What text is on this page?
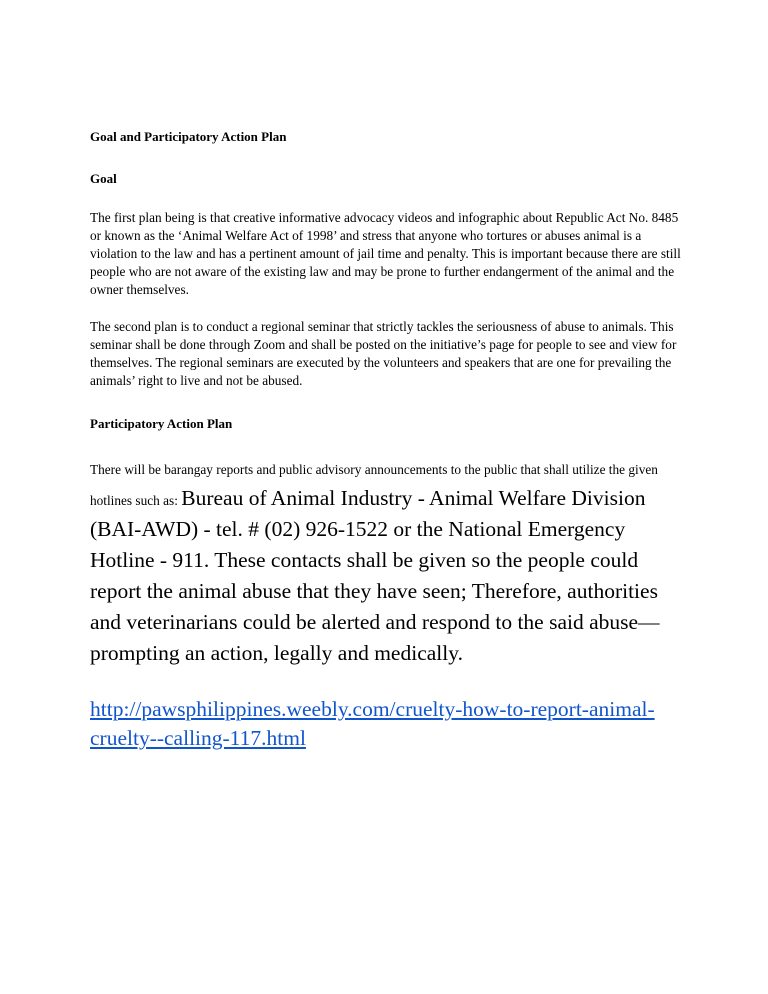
Goal and Participatory Action Plan
Goal

The first plan being is that creative informative advocacy videos and infographic about Republic Act No. 8485 or known as the ‘Animal Welfare Act of 1998’ and stress that anyone who tortures or abuses animal is a violation to the law and has a pertinent amount of jail time and penalty. This is important because there are still people who are not aware of the existing law and may be prone to further endangerment of the animal and the owner themselves.

The second plan is to conduct a regional seminar that strictly tackles the seriousness of abuse to animals. This seminar shall be done through Zoom and shall be posted on the initiative’s page for people to see and view for themselves. The regional seminars are executed by the volunteers and speakers that are one for prevailing the animals’ right to live and not be abused.

Participatory Action Plan

There will be barangay reports and public advisory announcements to the public that shall utilize the given hotlines such as: Bureau of Animal Industry - Animal Welfare Division (BAI-AWD) - tel. # (02) 926-1522 or the National Emergency Hotline - 911. These contacts shall be given so the people could report the animal abuse that they have seen; Therefore, authorities and veterinarians could be alerted and respond to the said abuse—prompting an action, legally and medically.

http://pawsphilippines.weebly.com/cruelty-how-to-report-animal-cruelty--calling-117.html
